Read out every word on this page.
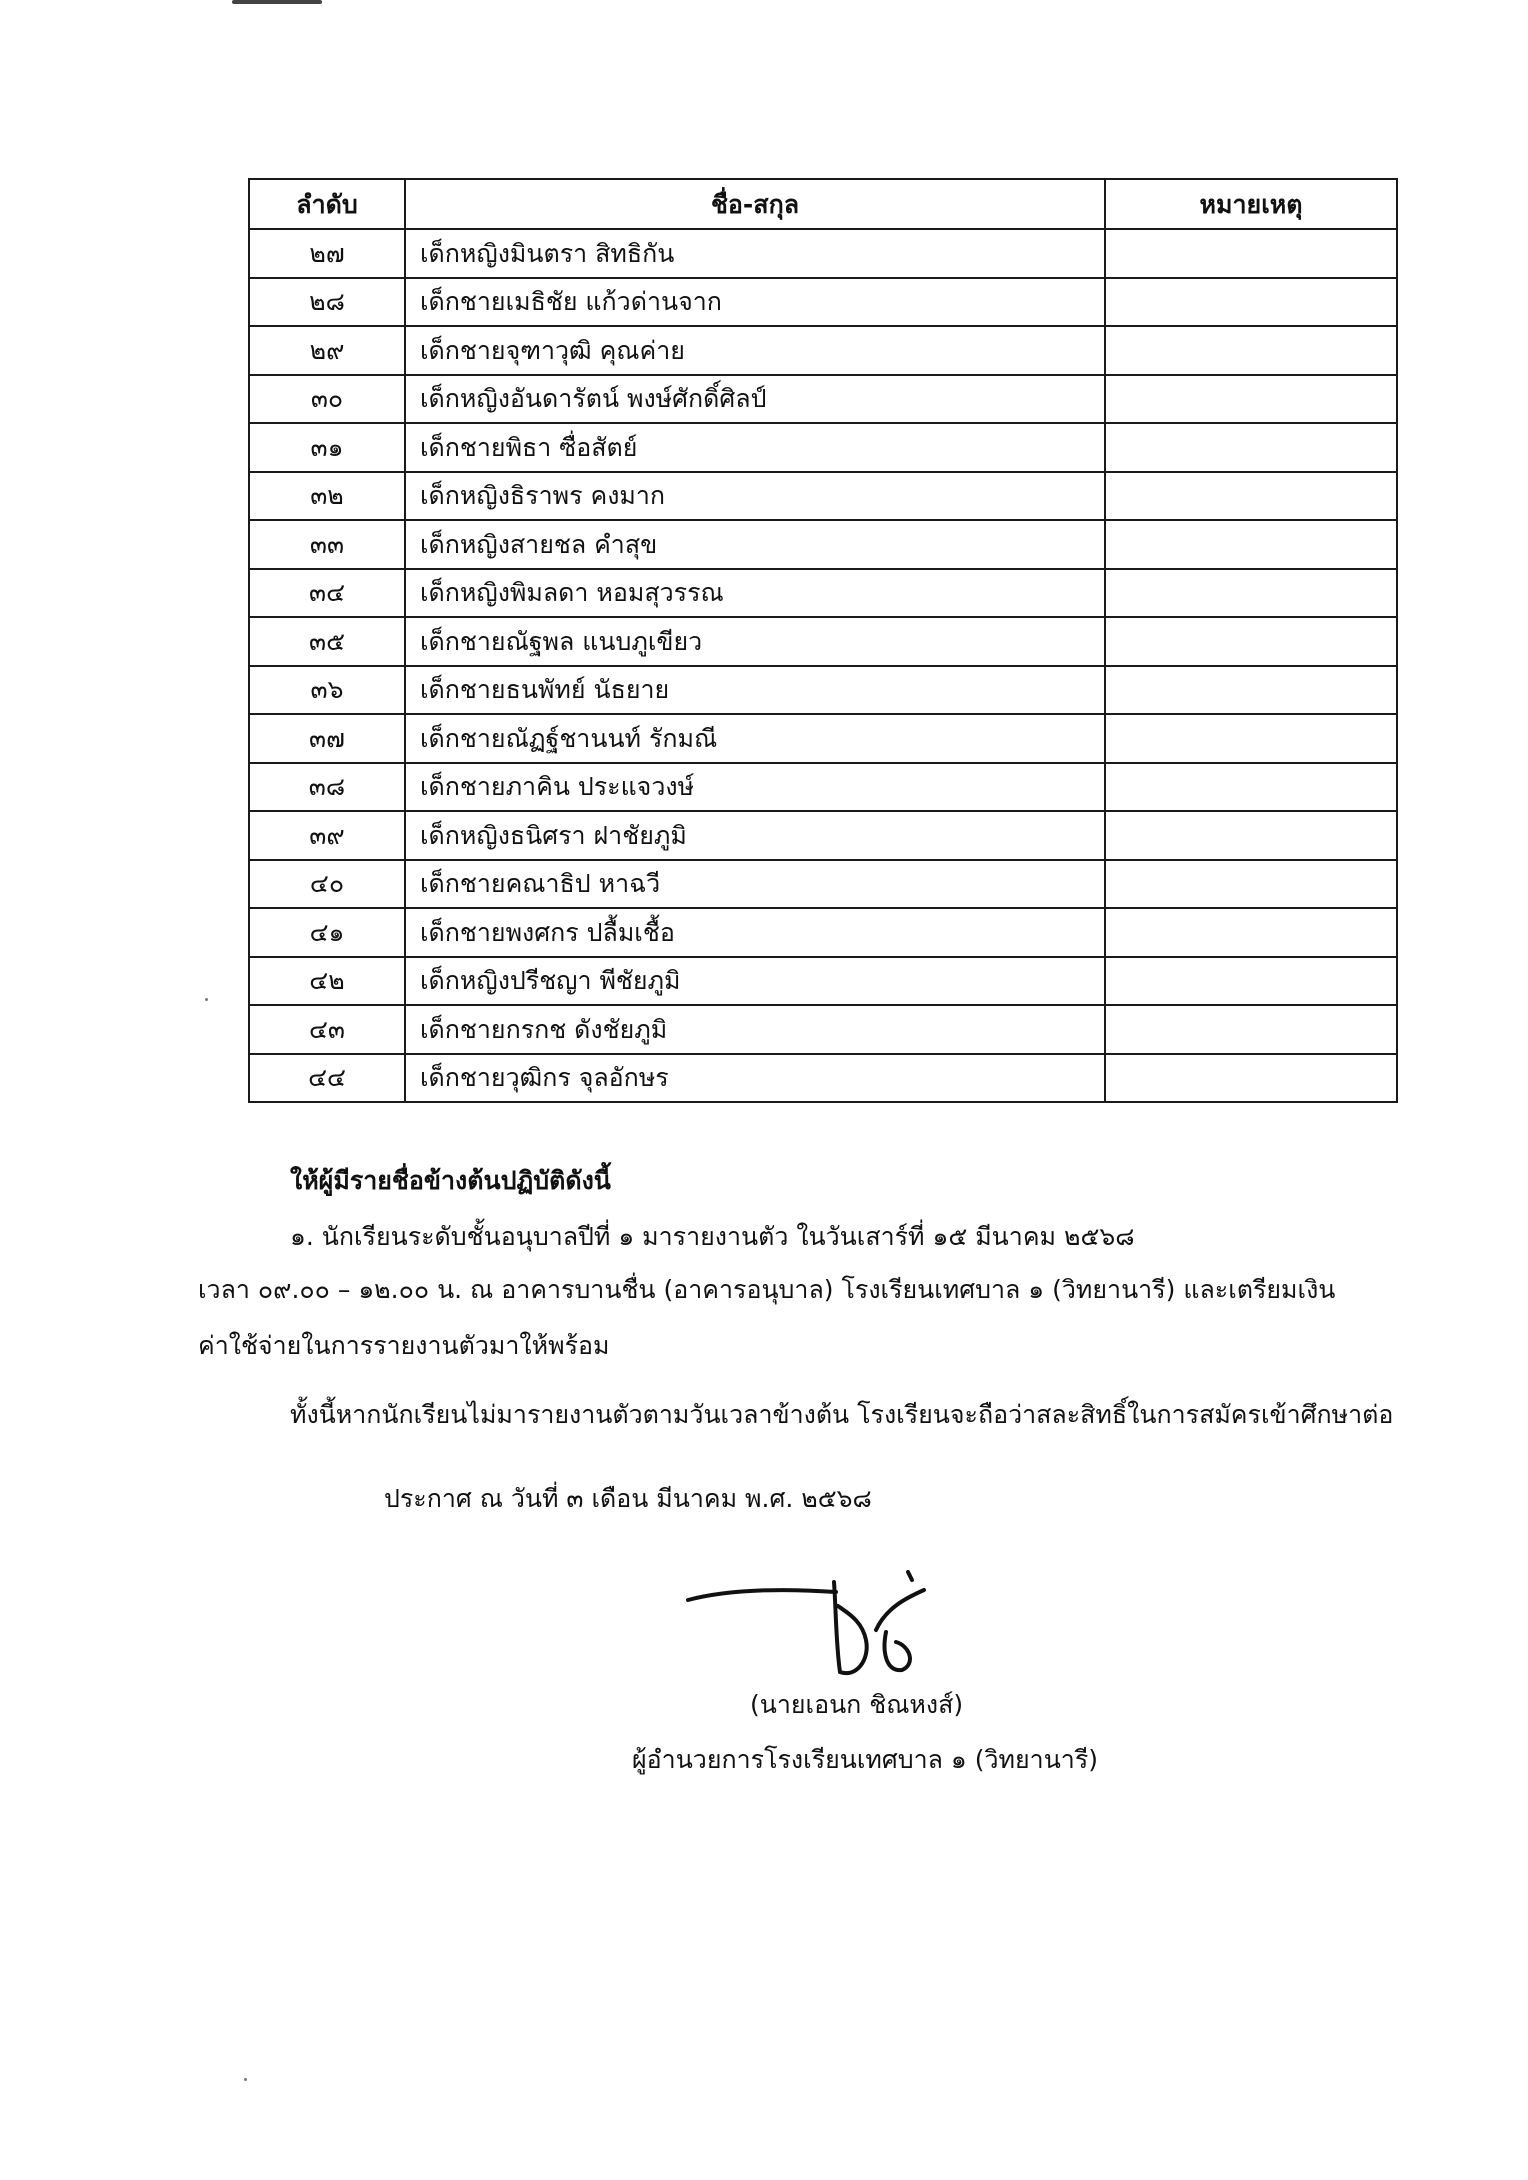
ลำดับ	ชื่อ-สกุล	หมายเหตุ
๒๗	เด็กหญิงมินตรา สิทธิกัน	
๒๘	เด็กชายเมธิชัย แก้วด่านจาก	
๒๙	เด็กชายจุฑาวุฒิ คุณค่าย	
๓๐	เด็กหญิงอันดารัตน์ พงษ์ศักดิ์ศิลป์	
๓๑	เด็กชายพิธา ซื่อสัตย์	
๓๒	เด็กหญิงธิราพร คงมาก	
๓๓	เด็กหญิงสายชล คำสุข	
๓๔	เด็กหญิงพิมลดา หอมสุวรรณ	
๓๕	เด็กชายณัฐพล แนบภูเขียว	
๓๖	เด็กชายธนพัทย์ นัธยาย	
๓๗	เด็กชายณัฏฐ์ชานนท์ รักมณี	
๓๘	เด็กชายภาคิน ประแจวงษ์	
๓๙	เด็กหญิงธนิศรา ฝาชัยภูมิ	
๔๐	เด็กชายคณาธิป หาฉวี	
๔๑	เด็กชายพงศกร ปลื้มเชื้อ	
๔๒	เด็กหญิงปรีชญา พีชัยภูมิ	
๔๓	เด็กชายกรกช ดังชัยภูมิ	
๔๔	เด็กชายวุฒิกร จุลอักษร	
ให้ผู้มีรายชื่อข้างต้นปฏิบัติดังนี้
๑. นักเรียนระดับชั้นอนุบาลปีที่ ๑ มารายงานตัว ในวันเสาร์ที่ ๑๕ มีนาคม ๒๕๖๘
เวลา ๐๙.๐๐ – ๑๒.๐๐ น. ณ อาคารบานชื่น (อาคารอนุบาล) โรงเรียนเทศบาล ๑ (วิทยานารี) และเตรียมเงิน
ค่าใช้จ่ายในการรายงานตัวมาให้พร้อม
ทั้งนี้หากนักเรียนไม่มารายงานตัวตามวันเวลาข้างต้น โรงเรียนจะถือว่าสละสิทธิ์ในการสมัครเข้าศึกษาต่อ
ประกาศ ณ วันที่ ๓ เดือน มีนาคม พ.ศ. ๒๕๖๘
(นายเอนก ชิณหงส์)
ผู้อำนวยการโรงเรียนเทศบาล ๑ (วิทยานารี)
